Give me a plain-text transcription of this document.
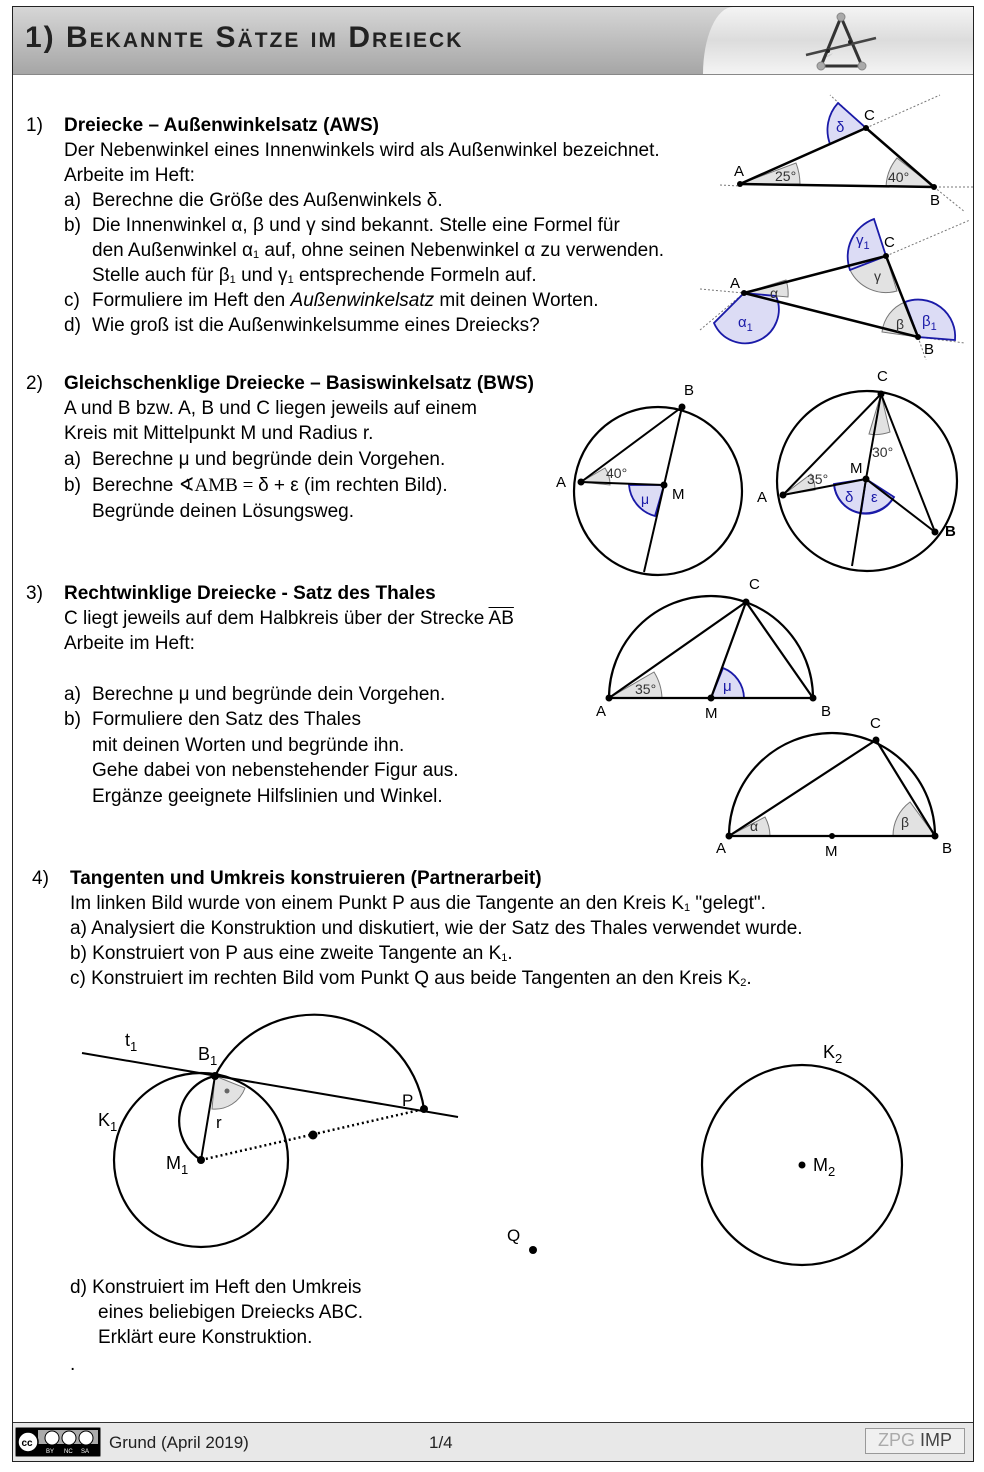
1) Bekannte Sätze im Dreieck
1) Dreiecke – Außenwinkelsatz (AWS)
Der Nebenwinkel eines Innenwinkels wird als Außenwinkel bezeichnet.
Arbeite im Heft:
a) Berechne die Größe des Außenwinkels δ.
b) Die Innenwinkel α, β und γ sind bekannt. Stelle eine Formel für
den Außenwinkel $\alpha_1$ auf, ohne seinen Nebenwinkel α zu verwenden.
Stelle auch für $\beta_1$ und $\gamma_1$ entsprechende Formeln auf.
c) Formuliere im Heft den Außenwinkelsatz mit deinen Worten.
d) Wie groß ist die Außenwinkelsumme eines Dreiecks?
A
C
B
25°	40°
δ
A
C
B
α
γ
β
$\alpha_1$
$\gamma_1$
$\beta_1$
2) Gleichschenklige Dreiecke – Basiswinkelsatz (BWS)
A und B bzw. A, B und C liegen jeweils auf einem
Kreis mit Mittelpunkt M und Radius r.
a) Berechne μ und begründe dein Vorgehen.
b) Berechne ∢AMB = δ + ε (im rechten Bild).
Begründe deinen Lösungsweg.
A
B
M
40°
μ	A
C
B
M
35°
30°
δ ε
3) Rechtwinklige Dreiecke - Satz des Thales
C liegt jeweils auf dem Halbkreis über der Strecke $\overline{AB}$
Arbeite im Heft:
a) Berechne μ und begründe dein Vorgehen.
b) Formuliere den Satz des Thales
mit deinen Worten und begründe ihn.
Gehe dabei von nebenstehender Figur aus.
Ergänze geeignete Hilfslinien und Winkel.
A	M	B
C
35°	μ
A	M	B
C
α	β
4) Tangenten und Umkreis konstruieren (Partnerarbeit)
Im linken Bild wurde von einem Punkt P aus die Tangente an den Kreis $K_1$ "gelegt".
a) Analysiert die Konstruktion und diskutiert, wie der Satz des Thales verwendet wurde.
b) Konstruiert von P aus eine zweite Tangente an $K_1$.
c) Konstruiert im rechten Bild vom Punkt Q aus beide Tangenten an den Kreis $K_2$.
$t_1$	$B_1$
$K_1$
$M_1$
r
P
$K_2$
$M_2$
Q
d) Konstruiert im Heft den Umkreis
eines beliebigen Dreiecks ABC.
Erklärt eure Konstruktion.
.
cc
BY NC SA Grund (April 2019)	1/4	ZPG IMP
